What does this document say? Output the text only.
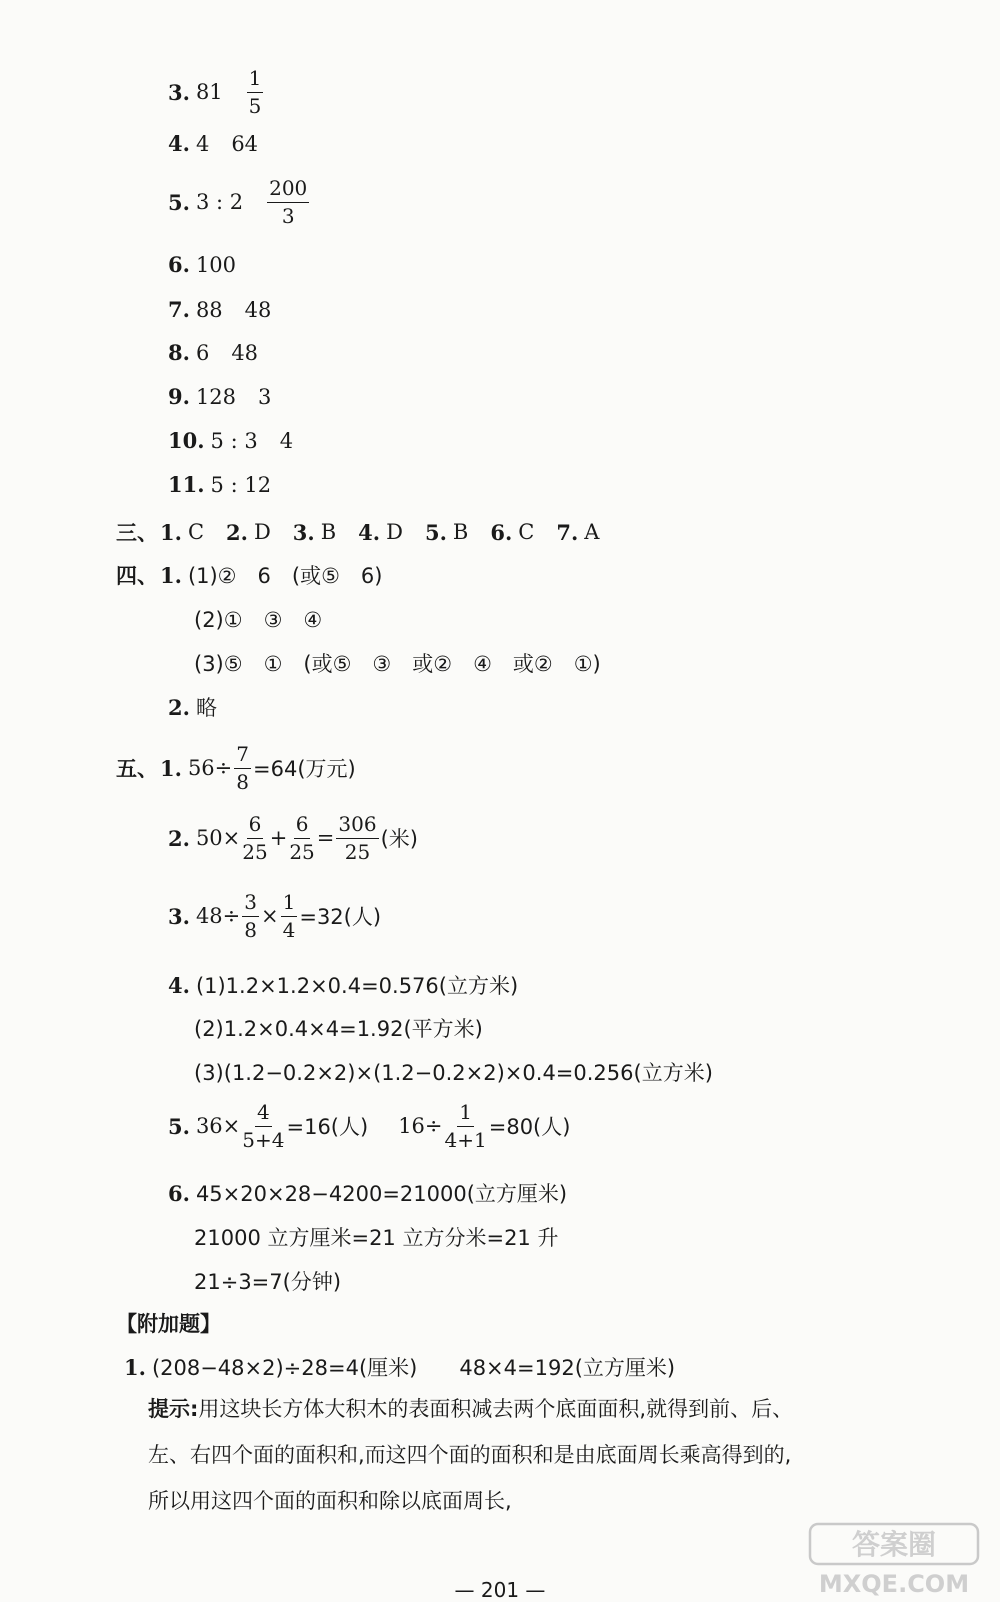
3. $81 \frac{1}{5}$
4. 4 64
5. 3 : $2 \frac{200}{3}$
6. 100
7. 88 48
8. 6 48
9. 128 3
10. 5 : 3 4
11. 5 : 12
三、 1. C 2. D 3. B 4. D 5. B 6. C 7. A
四、 1. (1)②　6　(或⑤　6)
(2)①　③　④
(3)⑤　①　(或⑤　③　或②　④　或②　①)
2. 略
五、 1. $56\div \frac{7}{8} =64$(万元)
2. $50\times \frac{6}{25} + \frac{6}{25} = \frac{306}{25}$ (米)
3. $48\div \frac{3}{8} \times \frac{1}{4} =32$(人)
4. (1)1.2×1.2×0.4=0.576(立方米)
(2)1.2×0.4×4=1.92(平方米)
(3)(1.2−0.2×2)×(1.2−0.2×2)×0.4=0.256(立方米)
5. $36\times \frac{4}{5+4} =16$(人) $16\div \frac{1}{4+1} =80$(人)
6. 45×20×28−4200=21000(立方厘米)
21000 立方厘米=21 立方分米=21 升
21÷3=7(分钟)
【附加题】
1. (208−48×2)÷28=4(厘米)　　48×4=192(立方厘米)
提示:用这块长方体大积木的表面积减去两个底面面积,就得到前、后、左、右四个面的面积和,而这四个面的面积和是由底面周长乘高得到的,所以用这四个面的面积和除以底面周长,
答案圈
MXQE.COM
— 201 —
